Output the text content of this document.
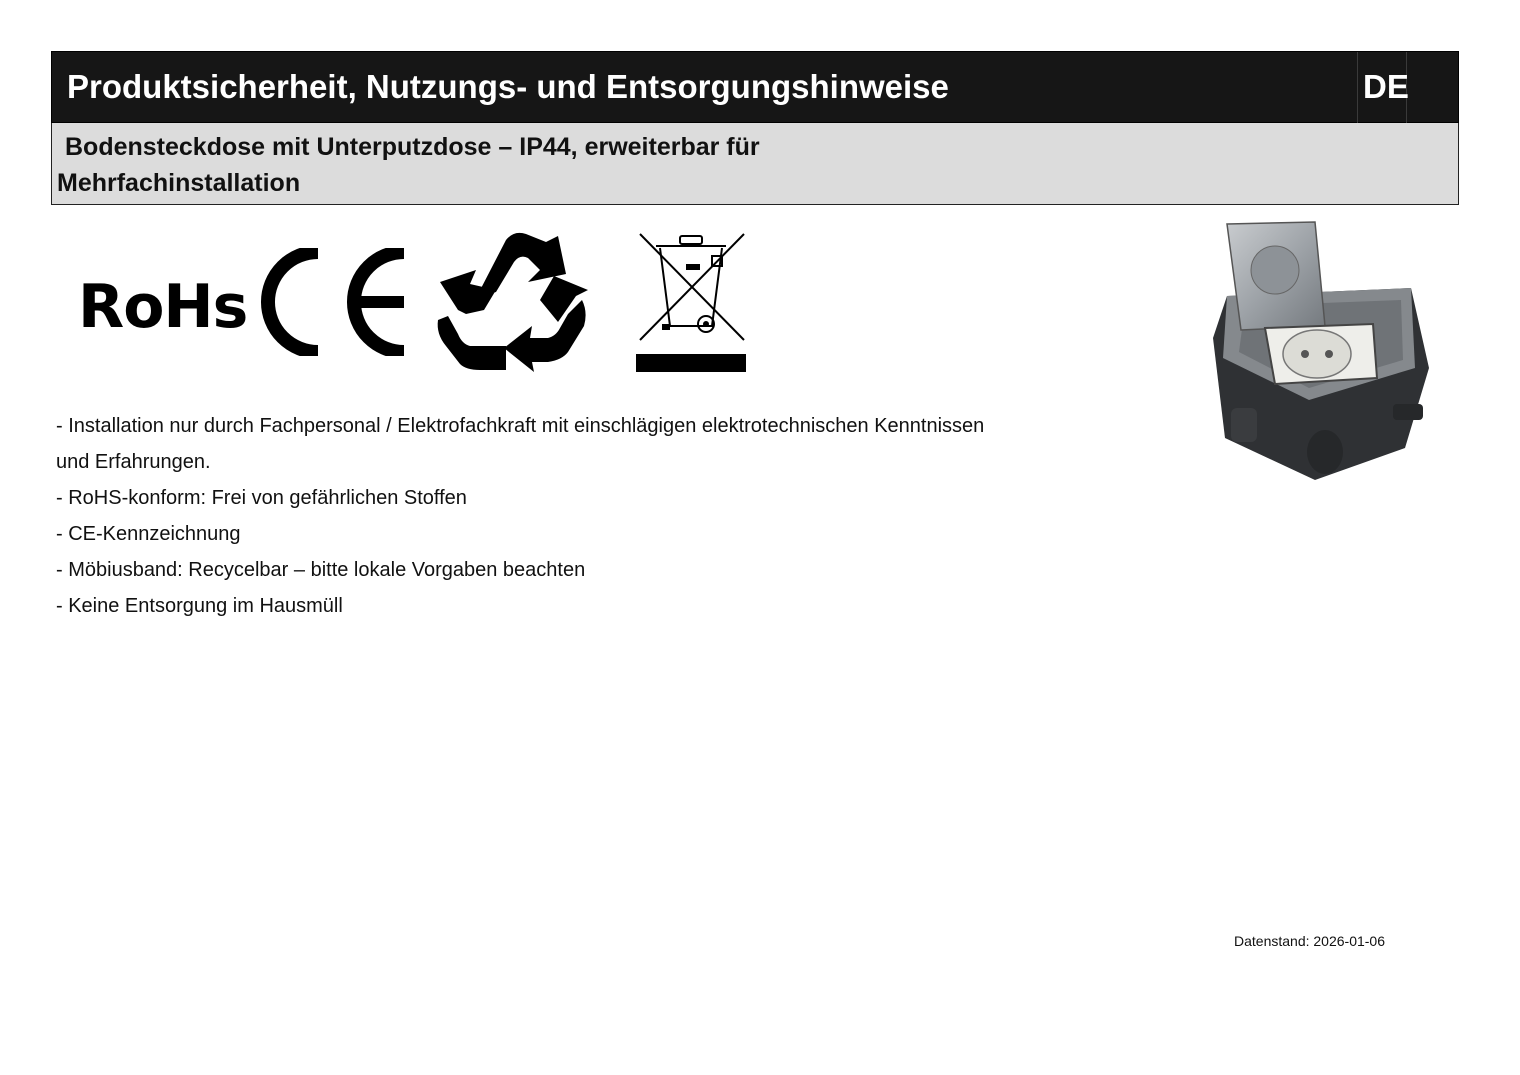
Produktsicherheit, Nutzungs- und Entsorgungshinweise	DE
Bodensteckdose mit Unterputzdose – IP44, erweiterbar für
Mehrfachinstallation
RoHs
- Installation nur durch Fachpersonal / Elektrofachkraft mit einschlägigen elektrotechnischen Kenntnissen
und Erfahrungen.
- RoHS-konform: Frei von gefährlichen Stoffen
- CE-Kennzeichnung
- Möbiusband: Recycelbar – bitte lokale Vorgaben beachten
- Keine Entsorgung im Hausmüll
Datenstand: 2026-01-06
